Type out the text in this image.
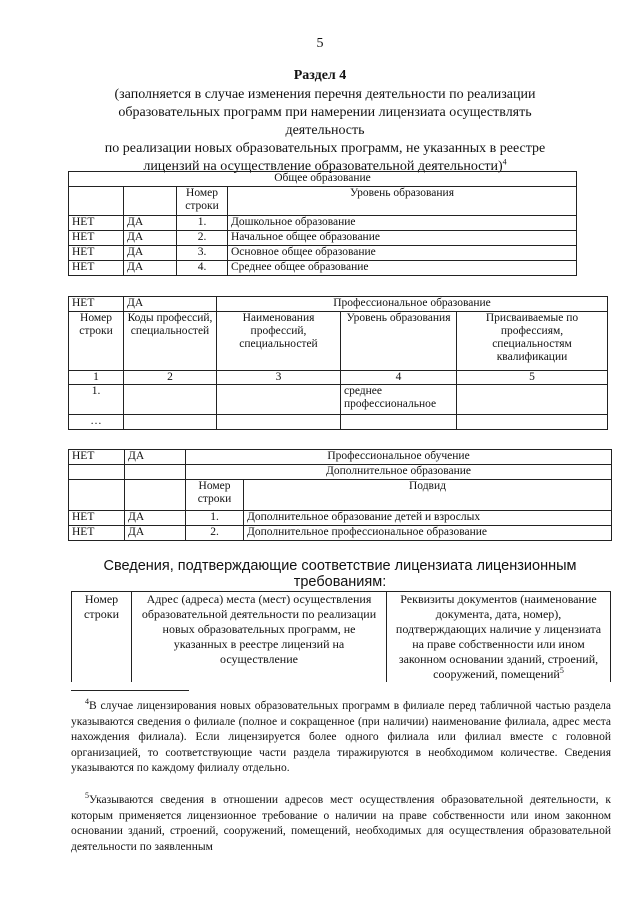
5
Раздел 4
(заполняется в случае изменения перечня деятельности по реализации
образовательных программ при намерении лицензиата осуществлять деятельность
по реализации новых образовательных программ, не указанных в реестре
лицензий на осуществление образовательной деятельности)$^4$
Общее образование			
		Номер строки	Уровень образования
НЕТ	ДА	1.	Дошкольное образование
НЕТ	ДА	2.	Начальное общее образование
НЕТ	ДА	3.	Основное общее образование
НЕТ	ДА	4.	Среднее общее образование
НЕТ	ДА	Профессиональное образование		
Номер строки	Коды профессий, специальностей	Наименования профессий, специальностей	Уровень образования	Присваиваемые по профессиям, специальностям квалификации
1	2	3	4	5
1.			среднее профессиональное	
…				
НЕТ	ДА	Профессиональное обучение	
		Дополнительное образование	
		Номер строки	Подвид
НЕТ	ДА	1.	Дополнительное образование детей и взрослых
НЕТ	ДА	2.	Дополнительное профессиональное образование
Сведения, подтверждающие соответствие лицензиата лицензионным требованиям:
Номер строки	Адрес (адреса) места (мест) осуществления образовательной деятельности по реализации новых образовательных программ, не указанных в реестре лицензий на осуществление	Реквизиты документов (наименование документа, дата, номер), подтверждающих наличие у лицензиата на праве собственности или ином законном основании зданий, строений, сооружений, помещений$^5$
$^4$В случае лицензирования новых образовательных программ в филиале перед табличной частью раздела указываются сведения о филиале (полное и сокращенное (при наличии) наименование филиала, адрес места нахождения филиала). Если лицензируется более одного филиала или филиал вместе с головной организацией, то соответствующие части раздела тиражируются в необходимом количестве. Сведения указываются по каждому филиалу отдельно.
$^5$Указываются сведения в отношении адресов мест осуществления образовательной деятельности, к которым применяется лицензионное требование о наличии на праве собственности или ином законном основании зданий, строений, сооружений, помещений, необходимых для осуществления образовательной деятельности по заявленным
